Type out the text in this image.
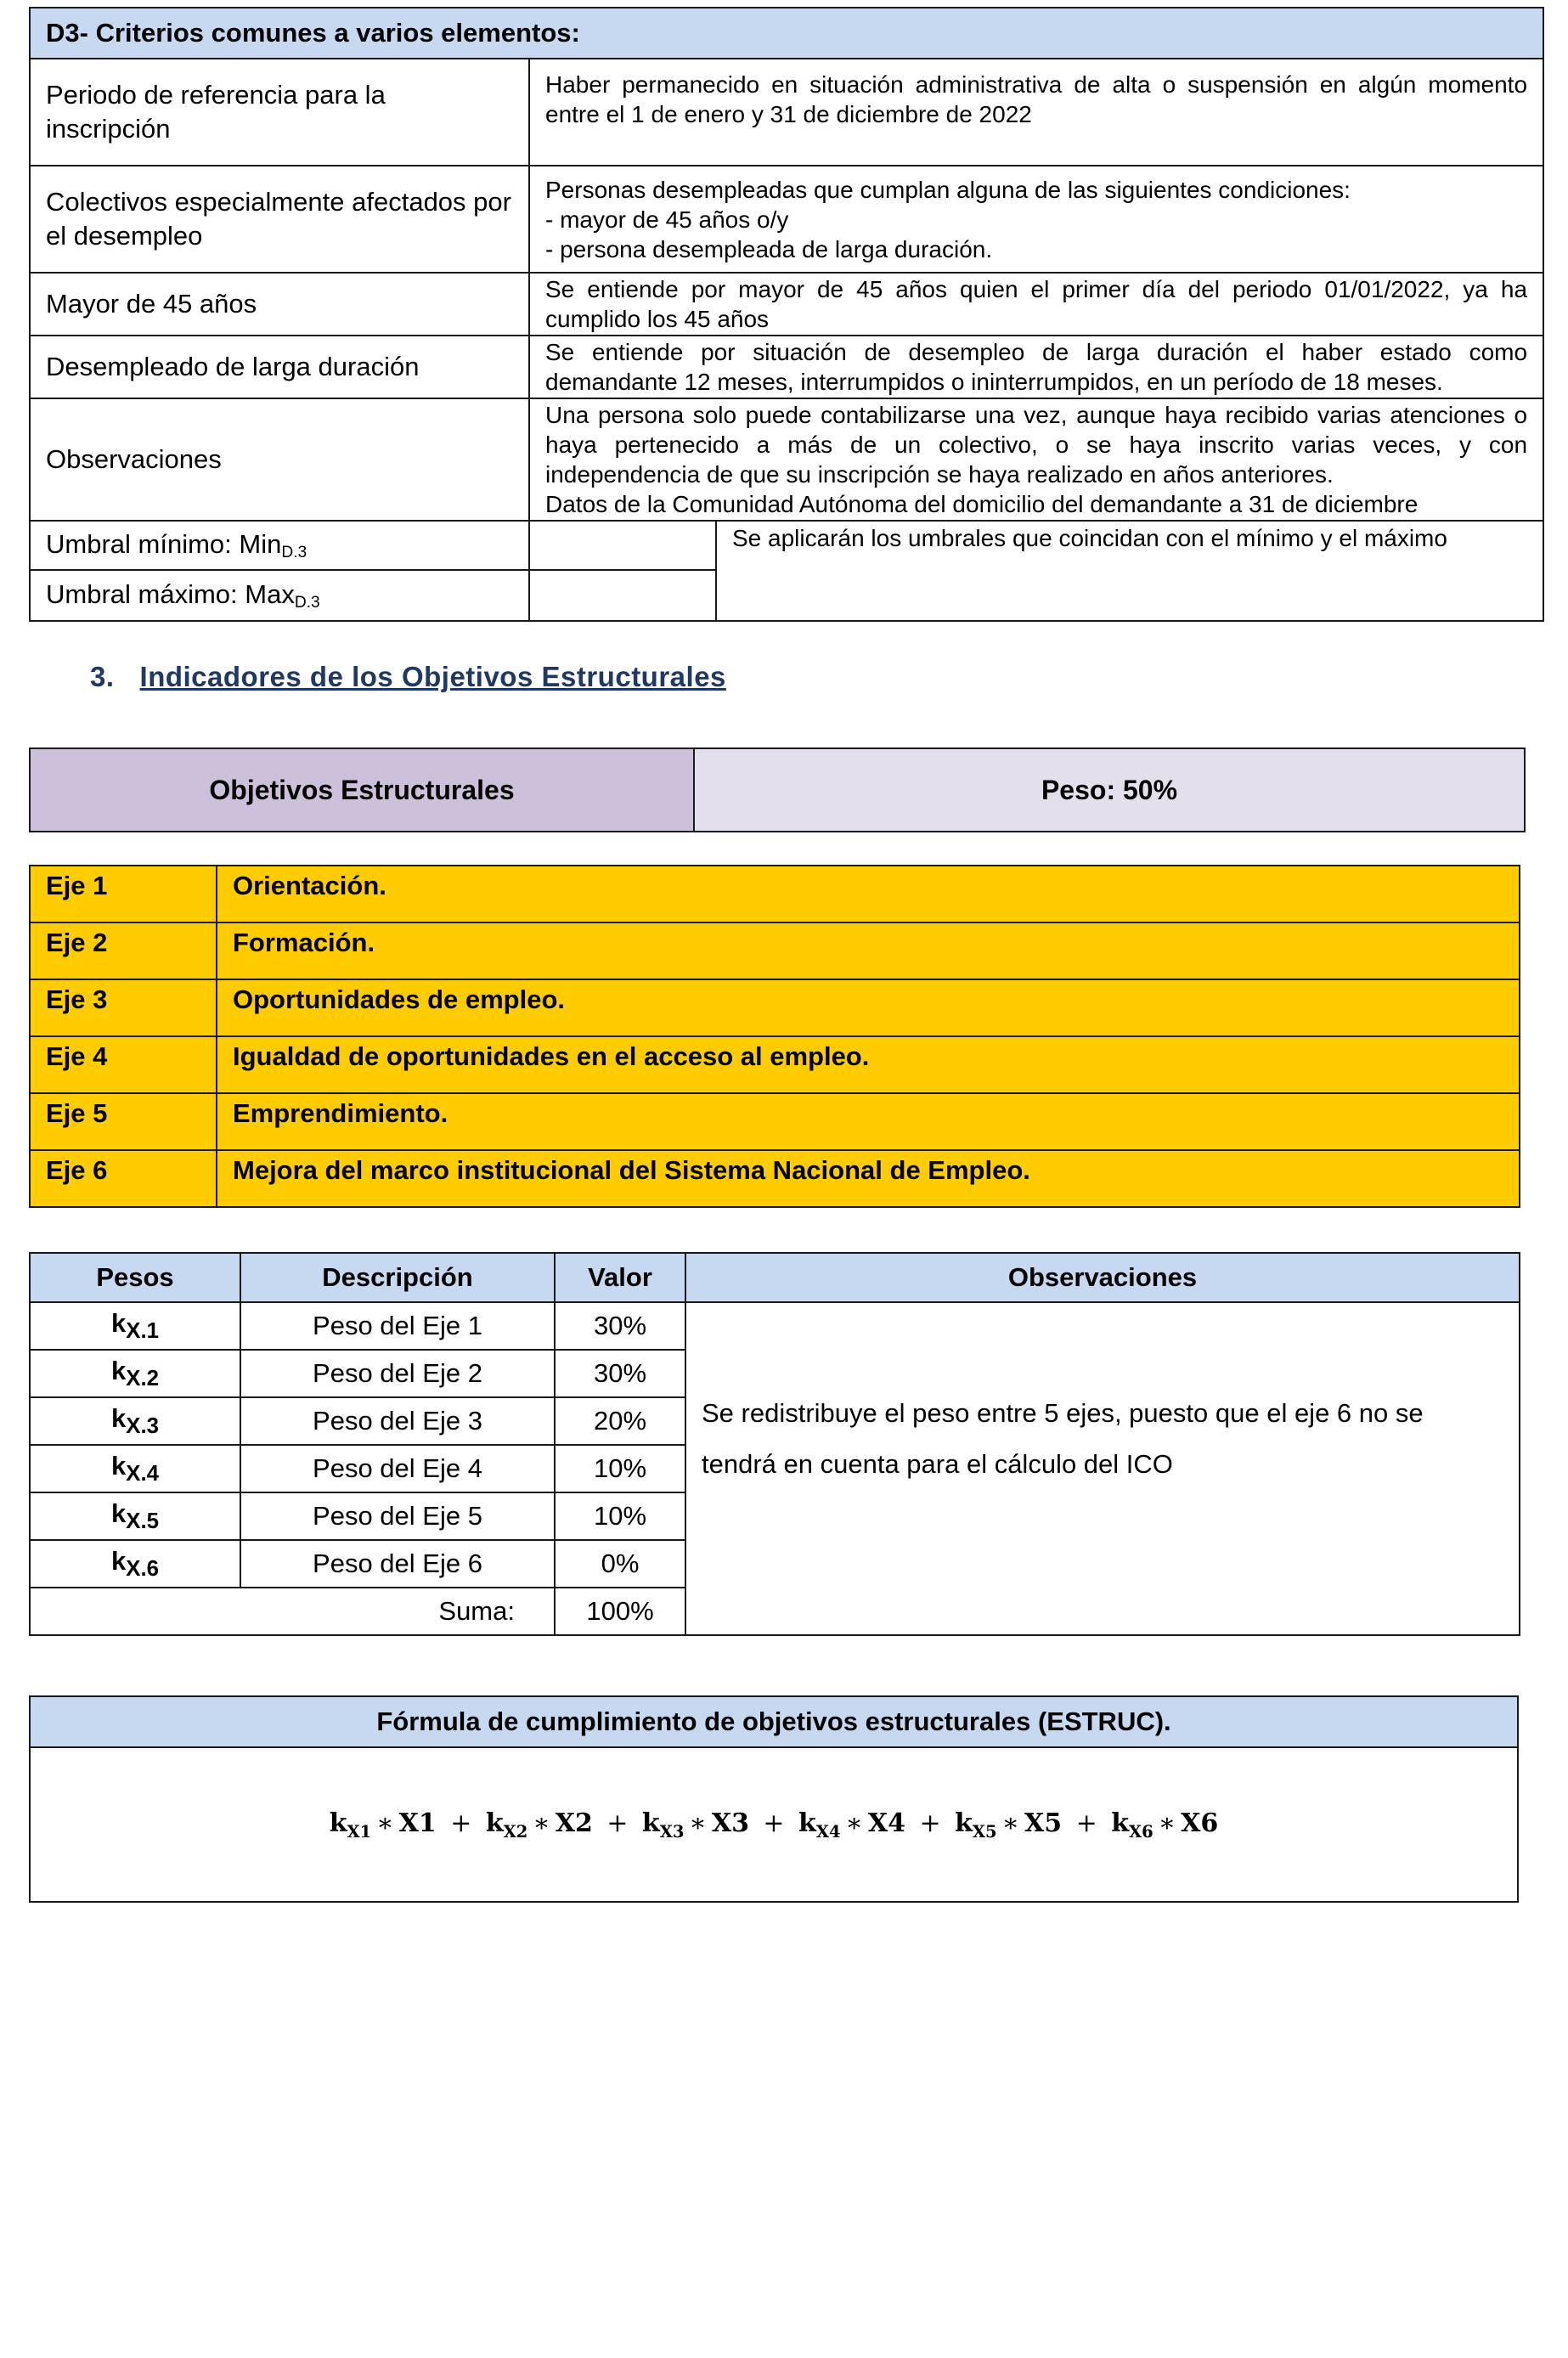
D3- Criterios comunes a varios elementos:		
Periodo de referencia para la inscripción	Haber permanecido en situación administrativa de alta o suspensión en algún momento entre el 1 de enero y 31 de diciembre de 2022	
Colectivos especialmente afectados por el desempleo	Personas desempleadas que cumplan alguna de las siguientes condiciones:
- mayor de 45 años o/y
- persona desempleada de larga duración.	

Mayor de 45 años	Se entiende por mayor de 45 años quien el primer día del periodo 01/01/2022, ya ha cumplido los 45 años	
Desempleado de larga duración	Se entiende por situación de desempleo de larga duración el haber estado como demandante 12 meses, interrumpidos o ininterrumpidos, en un período de 18 meses.	
Observaciones	Una persona solo puede contabilizarse una vez, aunque haya recibido varias atenciones o haya pertenecido a más de un colectivo, o se haya inscrito varias veces, y con independencia de que su inscripción se haya realizado en años anteriores.
Datos de la Comunidad Autónoma del domicilio del demandante a 31 de diciembre	

Umbral mínimo: Min$_{D.3}$		Se aplicarán los umbrales que coincidan con el mínimo y el máximo
Umbral máximo: Max$_{D.3}$	
3. Indicadores de los Objetivos Estructurales
Objetivos Estructurales	Peso: 50%
Eje 1	Orientación.
Eje 2	Formación.
Eje 3	Oportunidades de empleo.
Eje 4	Igualdad de oportunidades en el acceso al empleo.
Eje 5	Emprendimiento.
Eje 6	Mejora del marco institucional del Sistema Nacional de Empleo.
Pesos	Descripción	Valor	Observaciones
$k_{X.1}$	Peso del Eje 1	30%	Se redistribuye el peso entre 5 ejes, puesto que el eje 6 no se tendrá en cuenta para el cálculo del ICO

$k_{X.2}$	Peso del Eje 2	30%	
$k_{X.3}$	Peso del Eje 3	20%	
$k_{X.4}$	Peso del Eje 4	10%	
$k_{X.5}$	Peso del Eje 5	10%	
$k_{X.6}$	Peso del Eje 6	0%	
Suma:		100%	
Fórmula de cumplimiento de objetivos estructurales (ESTRUC).
$k_{X1}$ ∗ $X1 + k_{X2}$ ∗ $X2 + k_{X3}$ ∗ $X3 + k_{X4}$ ∗ $X4 + k_{X5}$ ∗ $X5 + k_{X6}$ ∗ X6
